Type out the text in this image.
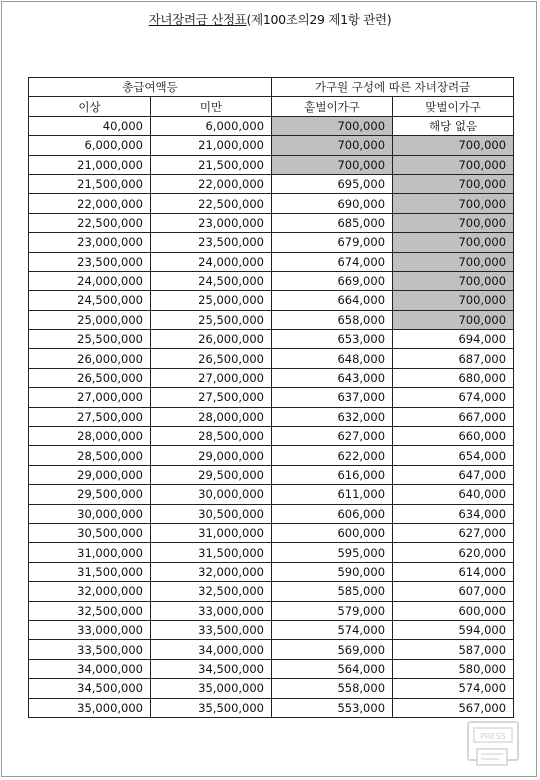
자녀장려금 산정표(제100조의29 제1항 관련)
총급여액등		가구원 구성에 따른 자녀장려금	
이상	미만	홑벌이가구	맞벌이가구
40,000	6,000,000	700,000	해당 없음
6,000,000	21,000,000	700,000	700,000
21,000,000	21,500,000	700,000	700,000
21,500,000	22,000,000	695,000	700,000
22,000,000	22,500,000	690,000	700,000
22,500,000	23,000,000	685,000	700,000
23,000,000	23,500,000	679,000	700,000
23,500,000	24,000,000	674,000	700,000
24,000,000	24,500,000	669,000	700,000
24,500,000	25,000,000	664,000	700,000
25,000,000	25,500,000	658,000	700,000
25,500,000	26,000,000	653,000	694,000
26,000,000	26,500,000	648,000	687,000
26,500,000	27,000,000	643,000	680,000
27,000,000	27,500,000	637,000	674,000
27,500,000	28,000,000	632,000	667,000
28,000,000	28,500,000	627,000	660,000
28,500,000	29,000,000	622,000	654,000
29,000,000	29,500,000	616,000	647,000
29,500,000	30,000,000	611,000	640,000
30,000,000	30,500,000	606,000	634,000
30,500,000	31,000,000	600,000	627,000
31,000,000	31,500,000	595,000	620,000
31,500,000	32,000,000	590,000	614,000
32,000,000	32,500,000	585,000	607,000
32,500,000	33,000,000	579,000	600,000
33,000,000	33,500,000	574,000	594,000
33,500,000	34,000,000	569,000	587,000
34,000,000	34,500,000	564,000	580,000
34,500,000	35,000,000	558,000	574,000
35,000,000	35,500,000	553,000	567,000
PRESS
